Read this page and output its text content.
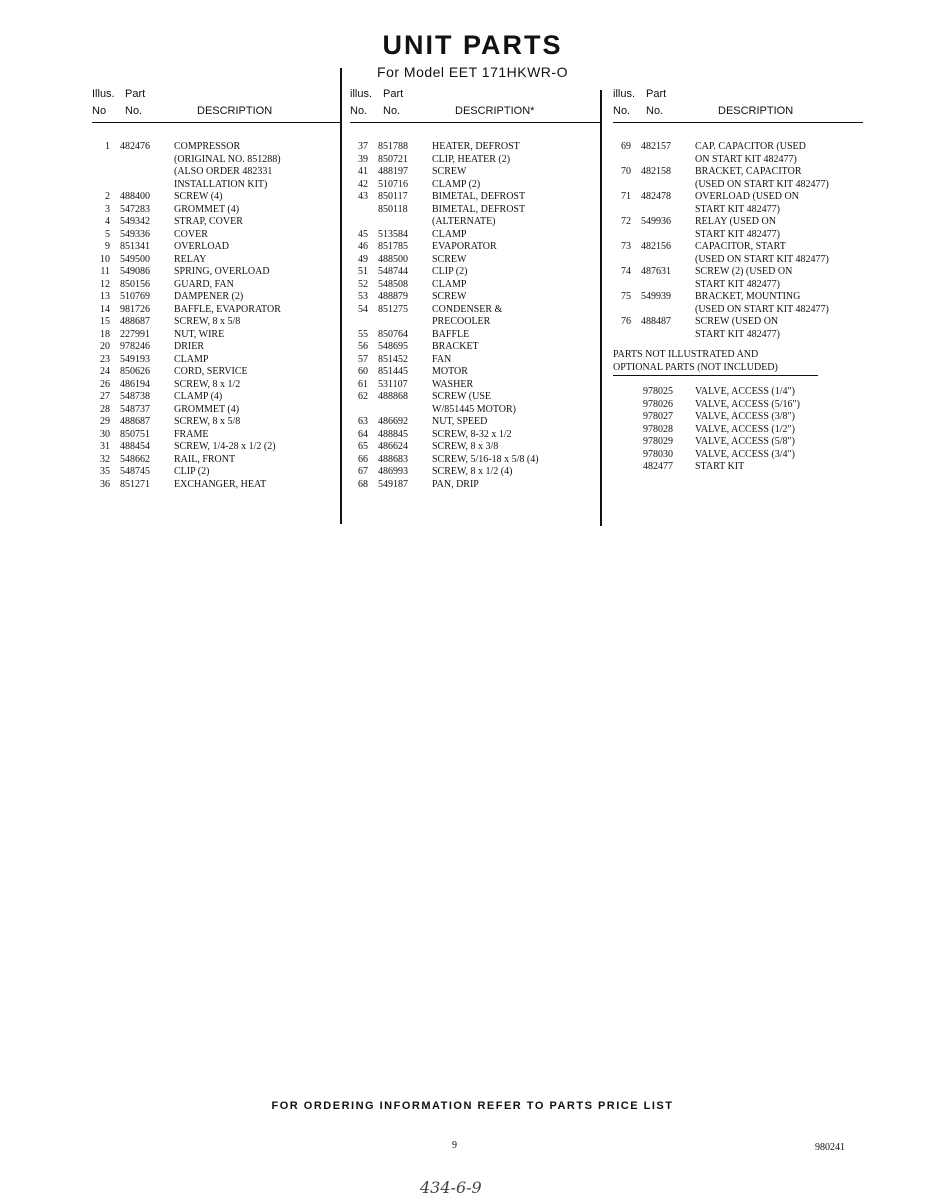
UNIT PARTS
For Model EET 171HKWR-O
Illus. Part
No No.	DESCRIPTION
1 482476 COMPRESSOR
(ORIGINAL NO. 851288)
(ALSO ORDER 482331
INSTALLATION KIT)
2 488400 SCREW (4)
3 547283 GROMMET (4)
4 549342 STRAP, COVER
5 549336 COVER
9 851341 OVERLOAD
10 549500 RELAY
11 549086 SPRING, OVERLOAD
12 850156 GUARD, FAN
13 510769 DAMPENER (2)
14 981726 BAFFLE, EVAPORATOR
15 488687 SCREW, 8 x 5/8
18 227991 NUT, WIRE
20 978246 DRIER
23 549193 CLAMP
24 850626 CORD, SERVICE
26 486194 SCREW, 8 x 1/2
27 548738 CLAMP (4)
28 548737 GROMMET (4)
29 488687 SCREW, 8 x 5/8
30 850751 FRAME
31 488454 SCREW, 1/4-28 x 1/2 (2)
32 548662 RAIL, FRONT
35 548745 CLIP (2)
36 851271 EXCHANGER, HEAT
illus. Part
No. No.	DESCRIPTION*
37 851788 HEATER, DEFROST
39 850721 CLIP, HEATER (2)
41 488197 SCREW
42 510716 CLAMP (2)
43 850117 BIMETAL, DEFROST
850118 BIMETAL, DEFROST
(ALTERNATE)
45 513584 CLAMP
46 851785 EVAPORATOR
49 488500 SCREW
51 548744 CLIP (2)
52 548508 CLAMP
53 488879 SCREW
54 851275 CONDENSER &
PRECOOLER
55 850764 BAFFLE
56 548695 BRACKET
57 851452 FAN
60 851445 MOTOR
61 531107 WASHER
62 488868 SCREW (USE
W/851445 MOTOR)
63 486692 NUT, SPEED
64 488845 SCREW, 8-32 x 1/2
65 486624 SCREW, 8 x 3/8
66 488683 SCREW, 5/16-18 x 5/8 (4)
67 486993 SCREW, 8 x 1/2 (4)
68 549187 PAN, DRIP
illus. Part
No. No.	DESCRIPTION
69 482157 CAP. CAPACITOR (USED
ON START KIT 482477)
70 482158 BRACKET, CAPACITOR
(USED ON START KIT 482477)
71 482478 OVERLOAD (USED ON
START KIT 482477)
72 549936 RELAY (USED ON
START KIT 482477)
73 482156 CAPACITOR, START
(USED ON START KIT 482477)
74 487631 SCREW (2) (USED ON
START KIT 482477)
75 549939 BRACKET, MOUNTING
(USED ON START KIT 482477)
76 488487 SCREW (USED ON
START KIT 482477)
PARTS NOT ILLUSTRATED AND
OPTIONAL PARTS (NOT INCLUDED)
978025 VALVE, ACCESS (1/4")
978026 VALVE, ACCESS (5/16")
978027 VALVE, ACCESS (3/8")
978028 VALVE, ACCESS (1/2")
978029 VALVE, ACCESS (5/8")
978030 VALVE, ACCESS (3/4")
482477 START KIT
FOR ORDERING INFORMATION REFER TO PARTS PRICE LIST
9	980241
434-6-9
